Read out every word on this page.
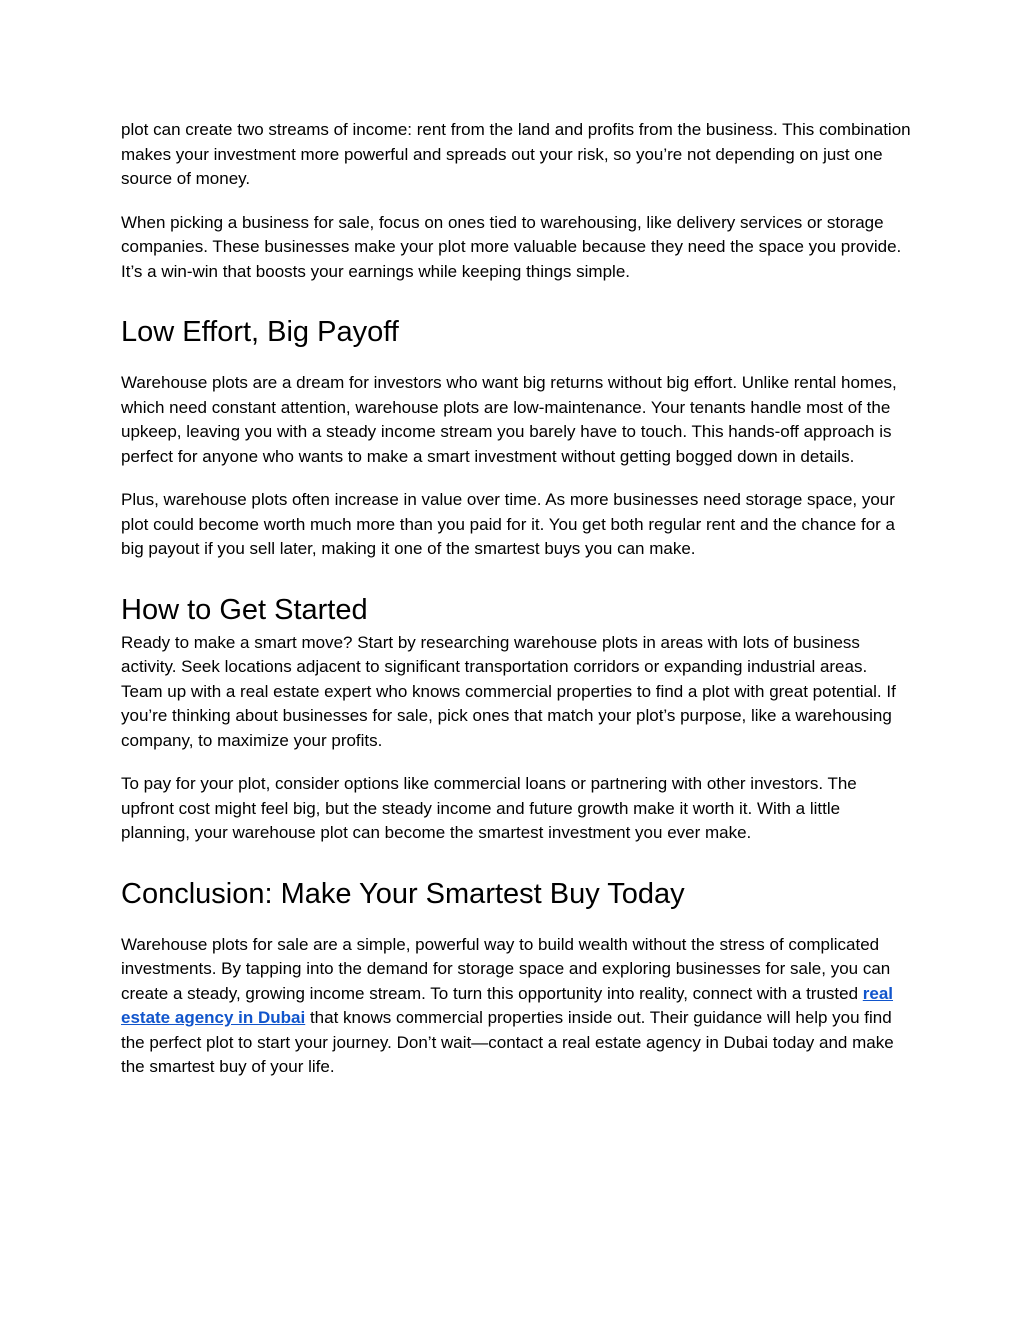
plot can create two streams of income: rent from the land and profits from the business. This combination makes your investment more powerful and spreads out your risk, so you’re not depending on just one source of money.

When picking a business for sale, focus on ones tied to warehousing, like delivery services or storage companies. These businesses make your plot more valuable because they need the space you provide. It’s a win-win that boosts your earnings while keeping things simple.

Low Effort, Big Payoff

Warehouse plots are a dream for investors who want big returns without big effort. Unlike rental homes, which need constant attention, warehouse plots are low-maintenance. Your tenants handle most of the upkeep, leaving you with a steady income stream you barely have to touch. This hands-off approach is perfect for anyone who wants to make a smart investment without getting bogged down in details.

Plus, warehouse plots often increase in value over time. As more businesses need storage space, your plot could become worth much more than you paid for it. You get both regular rent and the chance for a big payout if you sell later, making it one of the smartest buys you can make.

How to Get Started

Ready to make a smart move? Start by researching warehouse plots in areas with lots of business activity. Seek locations adjacent to significant transportation corridors or expanding industrial areas. Team up with a real estate expert who knows commercial properties to find a plot with great potential. If you’re thinking about businesses for sale, pick ones that match your plot’s purpose, like a warehousing company, to maximize your profits.

To pay for your plot, consider options like commercial loans or partnering with other investors. The upfront cost might feel big, but the steady income and future growth make it worth it. With a little planning, your warehouse plot can become the smartest investment you ever make.

Conclusion: Make Your Smartest Buy Today

Warehouse plots for sale are a simple, powerful way to build wealth without the stress of complicated investments. By tapping into the demand for storage space and exploring businesses for sale, you can create a steady, growing income stream. To turn this opportunity into reality, connect with a trusted real estate agency in Dubai that knows commercial properties inside out. Their guidance will help you find the perfect plot to start your journey. Don’t wait—contact a real estate agency in Dubai today and make the smartest buy of your life.
